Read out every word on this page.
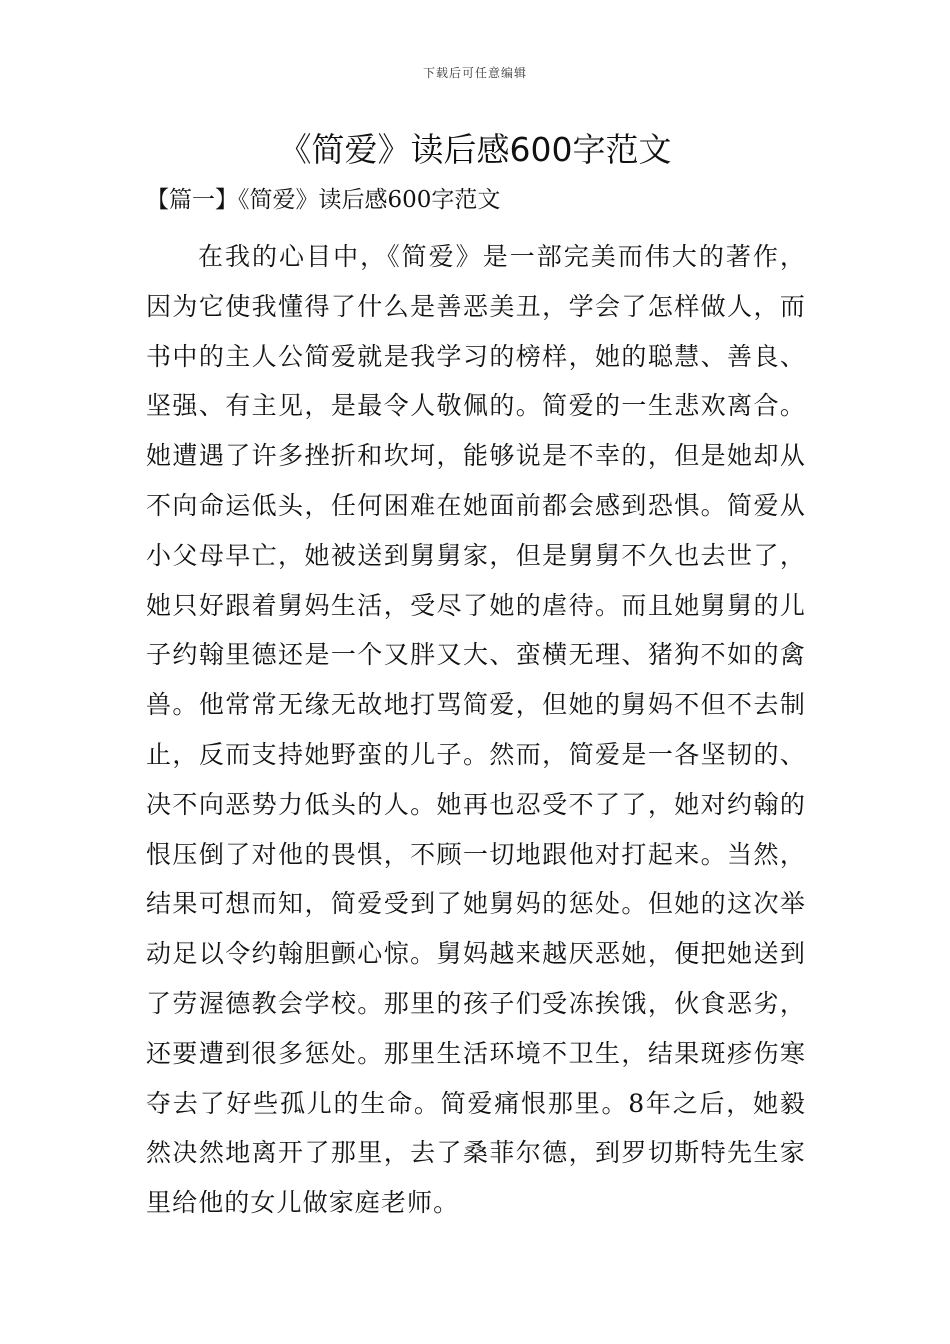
下载后可任意编辑
《简爱》读后感600字范文
【篇一】《简爱》读后感600字范文

在我的心目中，《简爱》是一部完美而伟大的著作，因为它使我懂得了什么是善恶美丑，学会了怎样做人，而书中的主人公简爱就是我学习的榜样，她的聪慧、善良、坚强、有主见，是最令人敬佩的。简爱的一生悲欢离合。她遭遇了许多挫折和坎坷，能够说是不幸的，但是她却从不向命运低头，任何困难在她面前都会感到恐惧。简爱从小父母早亡，她被送到舅舅家，但是舅舅不久也去世了，她只好跟着舅妈生活，受尽了她的虐待。而且她舅舅的儿子约翰里德还是一个又胖又大、蛮横无理、猪狗不如的禽兽。他常常无缘无故地打骂简爱，但她的舅妈不但不去制止，反而支持她野蛮的儿子。然而，简爱是一各坚韧的、决不向恶势力低头的人。她再也忍受不了了，她对约翰的恨压倒了对他的畏惧，不顾一切地跟他对打起来。当然，结果可想而知，简爱受到了她舅妈的惩处。但她的这次举动足以令约翰胆颤心惊。舅妈越来越厌恶她，便把她送到了劳渥德教会学校。那里的孩子们受冻挨饿，伙食恶劣，还要遭到很多惩处。那里生活环境不卫生，结果斑疹伤寒夺去了好些孤儿的生命。简爱痛恨那里。8年之后，她毅然决然地离开了那里，去了桑菲尔德，到罗切斯特先生家里给他的女儿做家庭老师。
